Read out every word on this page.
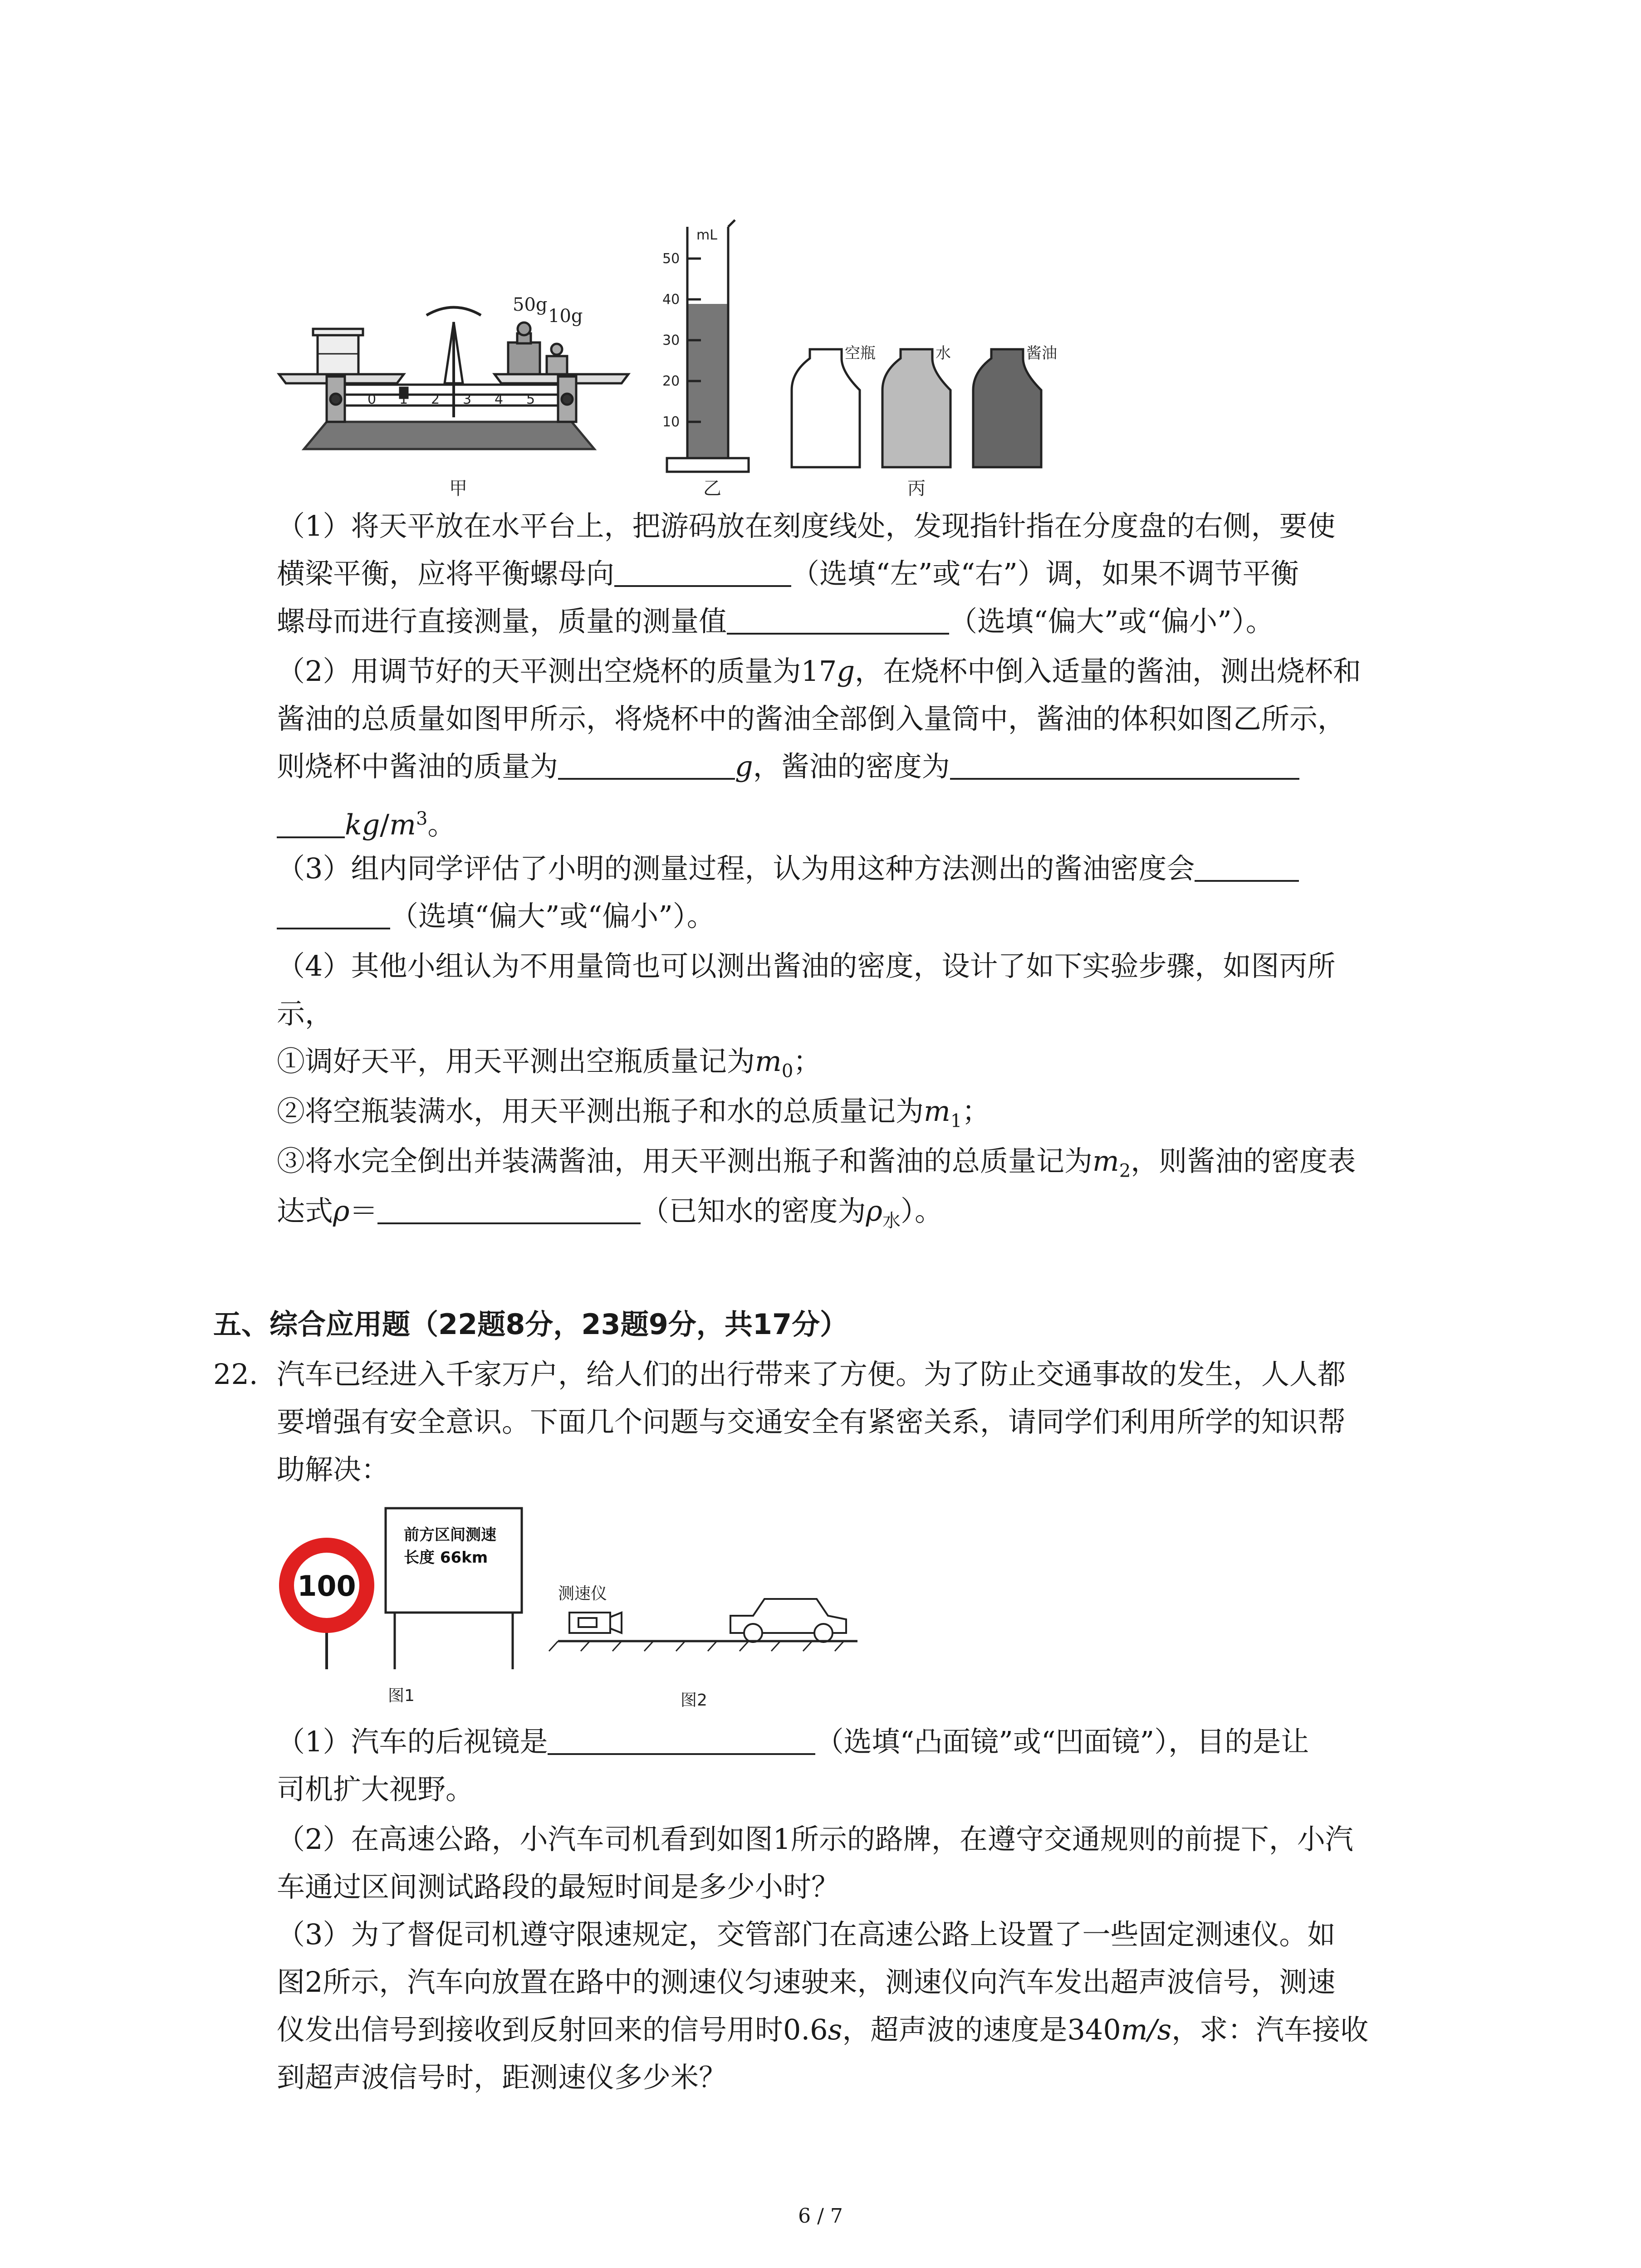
50g
10g
0 1 2 3 4 5
甲
mL
50
40
30
20
10
乙
空瓶	水	酱油
丙
（1）将天平放在水平台上，把游码放在刻度线处，发现指针指在分度盘的右侧，要使
横梁平衡，应将平衡螺母向	（选填“左”或“右”）调，如果不调节平衡
螺母而进行直接测量，质量的测量值	（选填“偏大”或“偏小”）。
（2）用调节好的天平测出空烧杯的质量为17g，在烧杯中倒入适量的酱油，测出烧杯和
酱油的总质量如图甲所示，将烧杯中的酱油全部倒入量筒中，酱油的体积如图乙所示，
则烧杯中酱油的质量为	g，酱油的密度为
$kg/m^3$。
（3）组内同学评估了小明的测量过程，认为用这种方法测出的酱油密度会
（选填“偏大”或“偏小”）。
（4）其他小组认为不用量筒也可以测出酱油的密度，设计了如下实验步骤，如图丙所
示，
①调好天平，用天平测出空瓶质量记为$m_0$；
②将空瓶装满水，用天平测出瓶子和水的总质量记为$m_1$；
③将水完全倒出并装满酱油，用天平测出瓶子和酱油的总质量记为$m_2$，则酱油的密度表
达式ρ＝	（已知水的密度为$\rho_水$）。
五、综合应用题（22题8分，23题9分，共17分）
22. 汽车已经进入千家万户，给人们的出行带来了方便。为了防止交通事故的发生，人人都
要增强有安全意识。下面几个问题与交通安全有紧密关系，请同学们利用所学的知识帮
助解决：
100
前方区间测速
长度 66km
图1
测速仪
图2
（1）汽车的后视镜是	（选填“凸面镜”或“凹面镜”），目的是让
司机扩大视野。
（2）在高速公路，小汽车司机看到如图1所示的路牌，在遵守交通规则的前提下，小汽
车通过区间测试路段的最短时间是多少小时？
（3）为了督促司机遵守限速规定，交管部门在高速公路上设置了一些固定测速仪。如
图2所示，汽车向放置在路中的测速仪匀速驶来，测速仪向汽车发出超声波信号，测速
仪发出信号到接收到反射回来的信号用时0.6s，超声波的速度是340m/s，求：汽车接收
到超声波信号时，距测速仪多少米？
6 / 7
